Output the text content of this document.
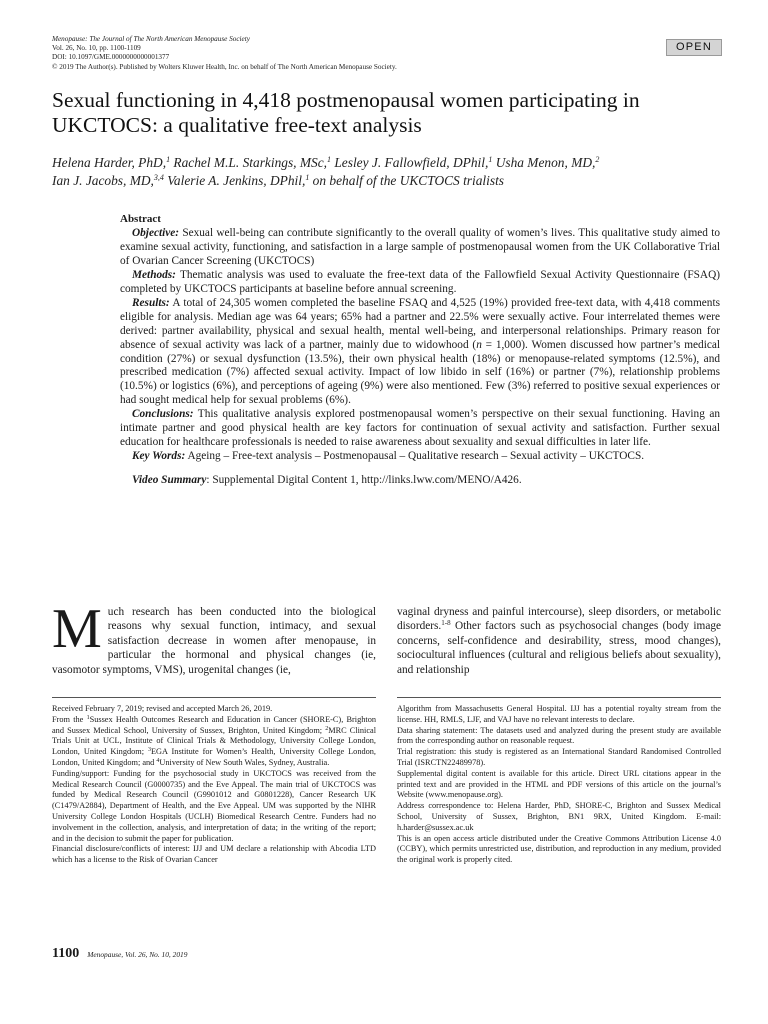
Menopause: The Journal of The North American Menopause Society
Vol. 26, No. 10, pp. 1100-1109
DOI: 10.1097/GME.0000000000001377
© 2019 The Author(s). Published by Wolters Kluwer Health, Inc. on behalf of The North American Menopause Society.
OPEN
Sexual functioning in 4,418 postmenopausal women participating in
UKCTOCS: a qualitative free-text analysis
Helena Harder, PhD,$^1$ Rachel M.L. Starkings, MSc,$^1$ Lesley J. Fallowfield, DPhil,$^1$ Usha Menon, MD,$^2$
Ian J. Jacobs, MD,$^{3,4}$ Valerie A. Jenkins, DPhil,$^1$ on behalf of the UKCTOCS trialists
Abstract

Objective: Sexual well-being can contribute significantly to the overall quality of women’s lives. This qualitative study aimed to examine sexual activity, functioning, and satisfaction in a large sample of postmenopausal women from the UK Collaborative Trial of Ovarian Cancer Screening (UKCTOCS)

Methods: Thematic analysis was used to evaluate the free-text data of the Fallowfield Sexual Activity Questionnaire (FSAQ) completed by UKCTOCS participants at baseline before annual screening.

Results: A total of 24,305 women completed the baseline FSAQ and 4,525 (19%) provided free-text data, with 4,418 comments eligible for analysis. Median age was 64 years; 65% had a partner and 22.5% were sexually active. Four interrelated themes were derived: partner availability, physical and sexual health, mental well-being, and interpersonal relationships. Primary reason for absence of sexual activity was lack of a partner, mainly due to widowhood (n = 1,000). Women discussed how partner’s medical condition (27%) or sexual dysfunction (13.5%), their own physical health (18%) or menopause-related symptoms (12.5%), and prescribed medication (7%) affected sexual activity. Impact of low libido in self (16%) or partner (7%), relationship problems (10.5%) or logistics (6%), and perceptions of ageing (9%) were also mentioned. Few (3%) referred to positive sexual experiences or had sought medical help for sexual problems (6%).

Conclusions: This qualitative analysis explored postmenopausal women’s perspective on their sexual functioning. Having an intimate partner and good physical health are key factors for continuation of sexual activity and satisfaction. Further sexual education for healthcare professionals is needed to raise awareness about sexuality and sexual difficulties in later life.

Key Words: Ageing – Free-text analysis – Postmenopausal – Qualitative research – Sexual activity – UKCTOCS.

Video Summary: Supplemental Digital Content 1, http://links.lww.com/MENO/A426.

Much research has been conducted into the biological reasons why sexual function, intimacy, and sexual satisfaction decrease in women after menopause, in particular the hormonal and physical changes (ie, vasomotor symptoms, VMS), urogenital changes (ie,
vaginal dryness and painful intercourse), sleep disorders, or metabolic disorders.$^{1-8}$ Other factors such as psychosocial changes (body image concerns, self-confidence and desirability, stress, mood changes), sociocultural influences (cultural and religious beliefs about sexuality), and relationship

Received February 7, 2019; revised and accepted March 26, 2019.

From the $^1$Sussex Health Outcomes Research and Education in Cancer (SHORE-C), Brighton and Sussex Medical School, University of Sussex, Brighton, United Kingdom; $^2$MRC Clinical Trials Unit at UCL, Institute of Clinical Trials & Methodology, University College London, London, United Kingdom; $^3$EGA Institute for Women’s Health, University College London, London, United Kingdom; and $^4$University of New South Wales, Sydney, Australia.

Funding/support: Funding for the psychosocial study in UKCTOCS was received from the Medical Research Council (G0000735) and the Eve Appeal. The main trial of UKCTOCS was funded by Medical Research Council (G9901012 and G0801228), Cancer Research UK (C1479/A2884), Department of Health, and the Eve Appeal. UM was supported by the NIHR University College London Hospitals (UCLH) Biomedical Research Centre. Funders had no involvement in the collection, analysis, and interpretation of data; in the writing of the report; and in the decision to submit the paper for publication.

Financial disclosure/conflicts of interest: IJJ and UM declare a relationship with Abcodia LTD which has a license to the Risk of Ovarian Cancer

Algorithm from Massachusetts General Hospital. IJJ has a potential royalty stream from the license. HH, RMLS, LJF, and VAJ have no relevant interests to declare.

Data sharing statement: The datasets used and analyzed during the present study are available from the corresponding author on reasonable request.

Trial registration: this study is registered as an International Standard Randomised Controlled Trial (ISRCTN22489978).

Supplemental digital content is available for this article. Direct URL citations appear in the printed text and are provided in the HTML and PDF versions of this article on the journal’s Website (www.menopause.org).

Address correspondence to: Helena Harder, PhD, SHORE-C, Brighton and Sussex Medical School, University of Sussex, Brighton, BN1 9RX, United Kingdom. E-mail: h.harder@sussex.ac.uk

This is an open access article distributed under the Creative Commons Attribution License 4.0 (CCBY), which permits unrestricted use, distribution, and reproduction in any medium, provided the original work is properly cited.

1100 Menopause, Vol. 26, No. 10, 2019
